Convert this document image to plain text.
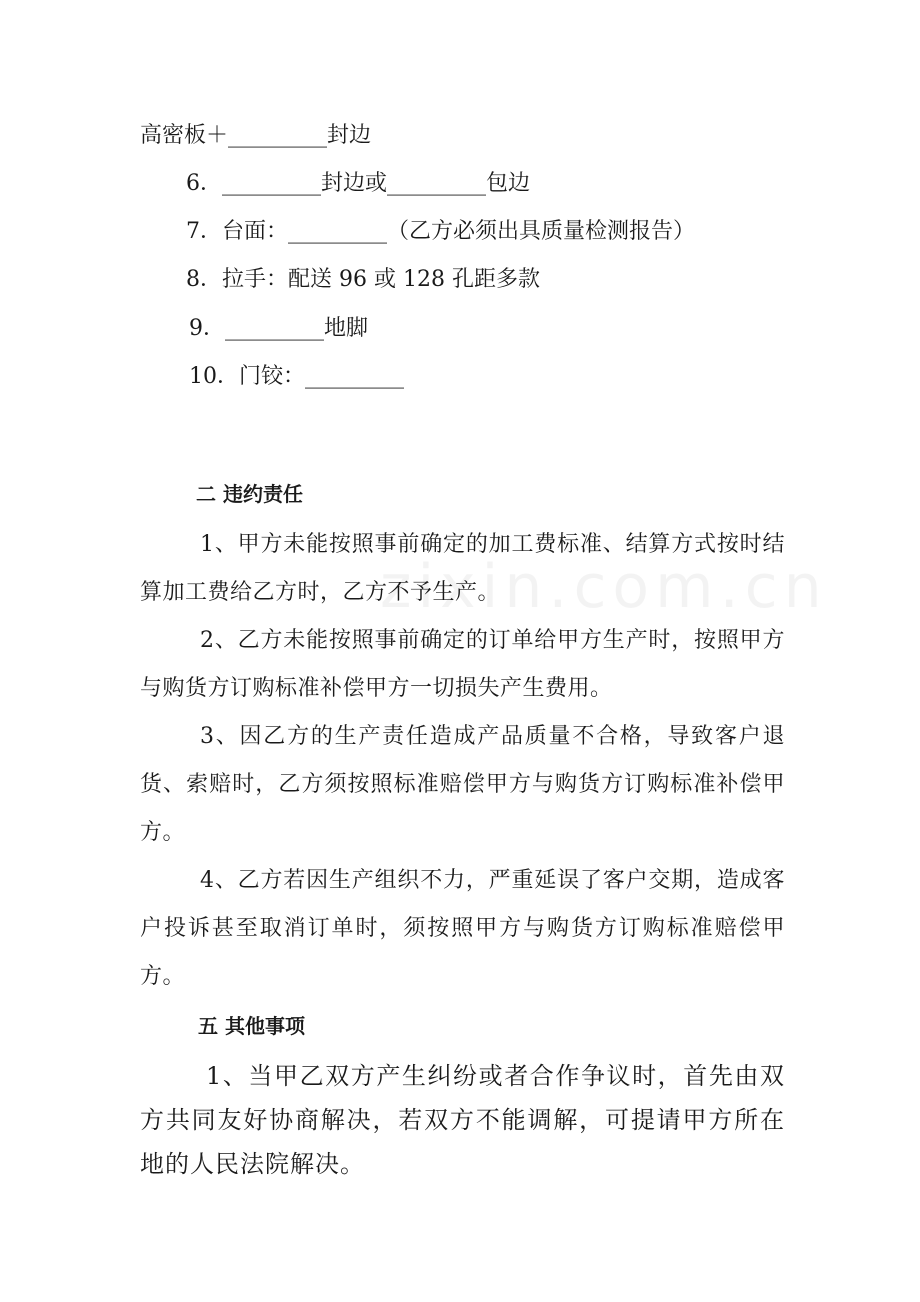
高密板＋_________封边
6．_________封边或_________包边
7．台面：_________（乙方必须出具质量检测报告）
8．拉手：配送 96 或 128 孔距多款
9．_________地脚
10．门铰：_________
二 违约责任
1、甲方未能按照事前确定的加工费标准、结算方式按时结算加工费给乙方时，乙方不予生产。
2、乙方未能按照事前确定的订单给甲方生产时，按照甲方与购货方订购标准补偿甲方一切损失产生费用。
3、因乙方的生产责任造成产品质量不合格，导致客户退货、索赔时，乙方须按照标准赔偿甲方与购货方订购标准补偿甲方。
4、乙方若因生产组织不力，严重延误了客户交期，造成客户投诉甚至取消订单时，须按照甲方与购货方订购标准赔偿甲方。
五 其他事项
1、当甲乙双方产生纠纷或者合作争议时，首先由双方共同友好协商解决，若双方不能调解，可提请甲方所在地的人民法院解决。
